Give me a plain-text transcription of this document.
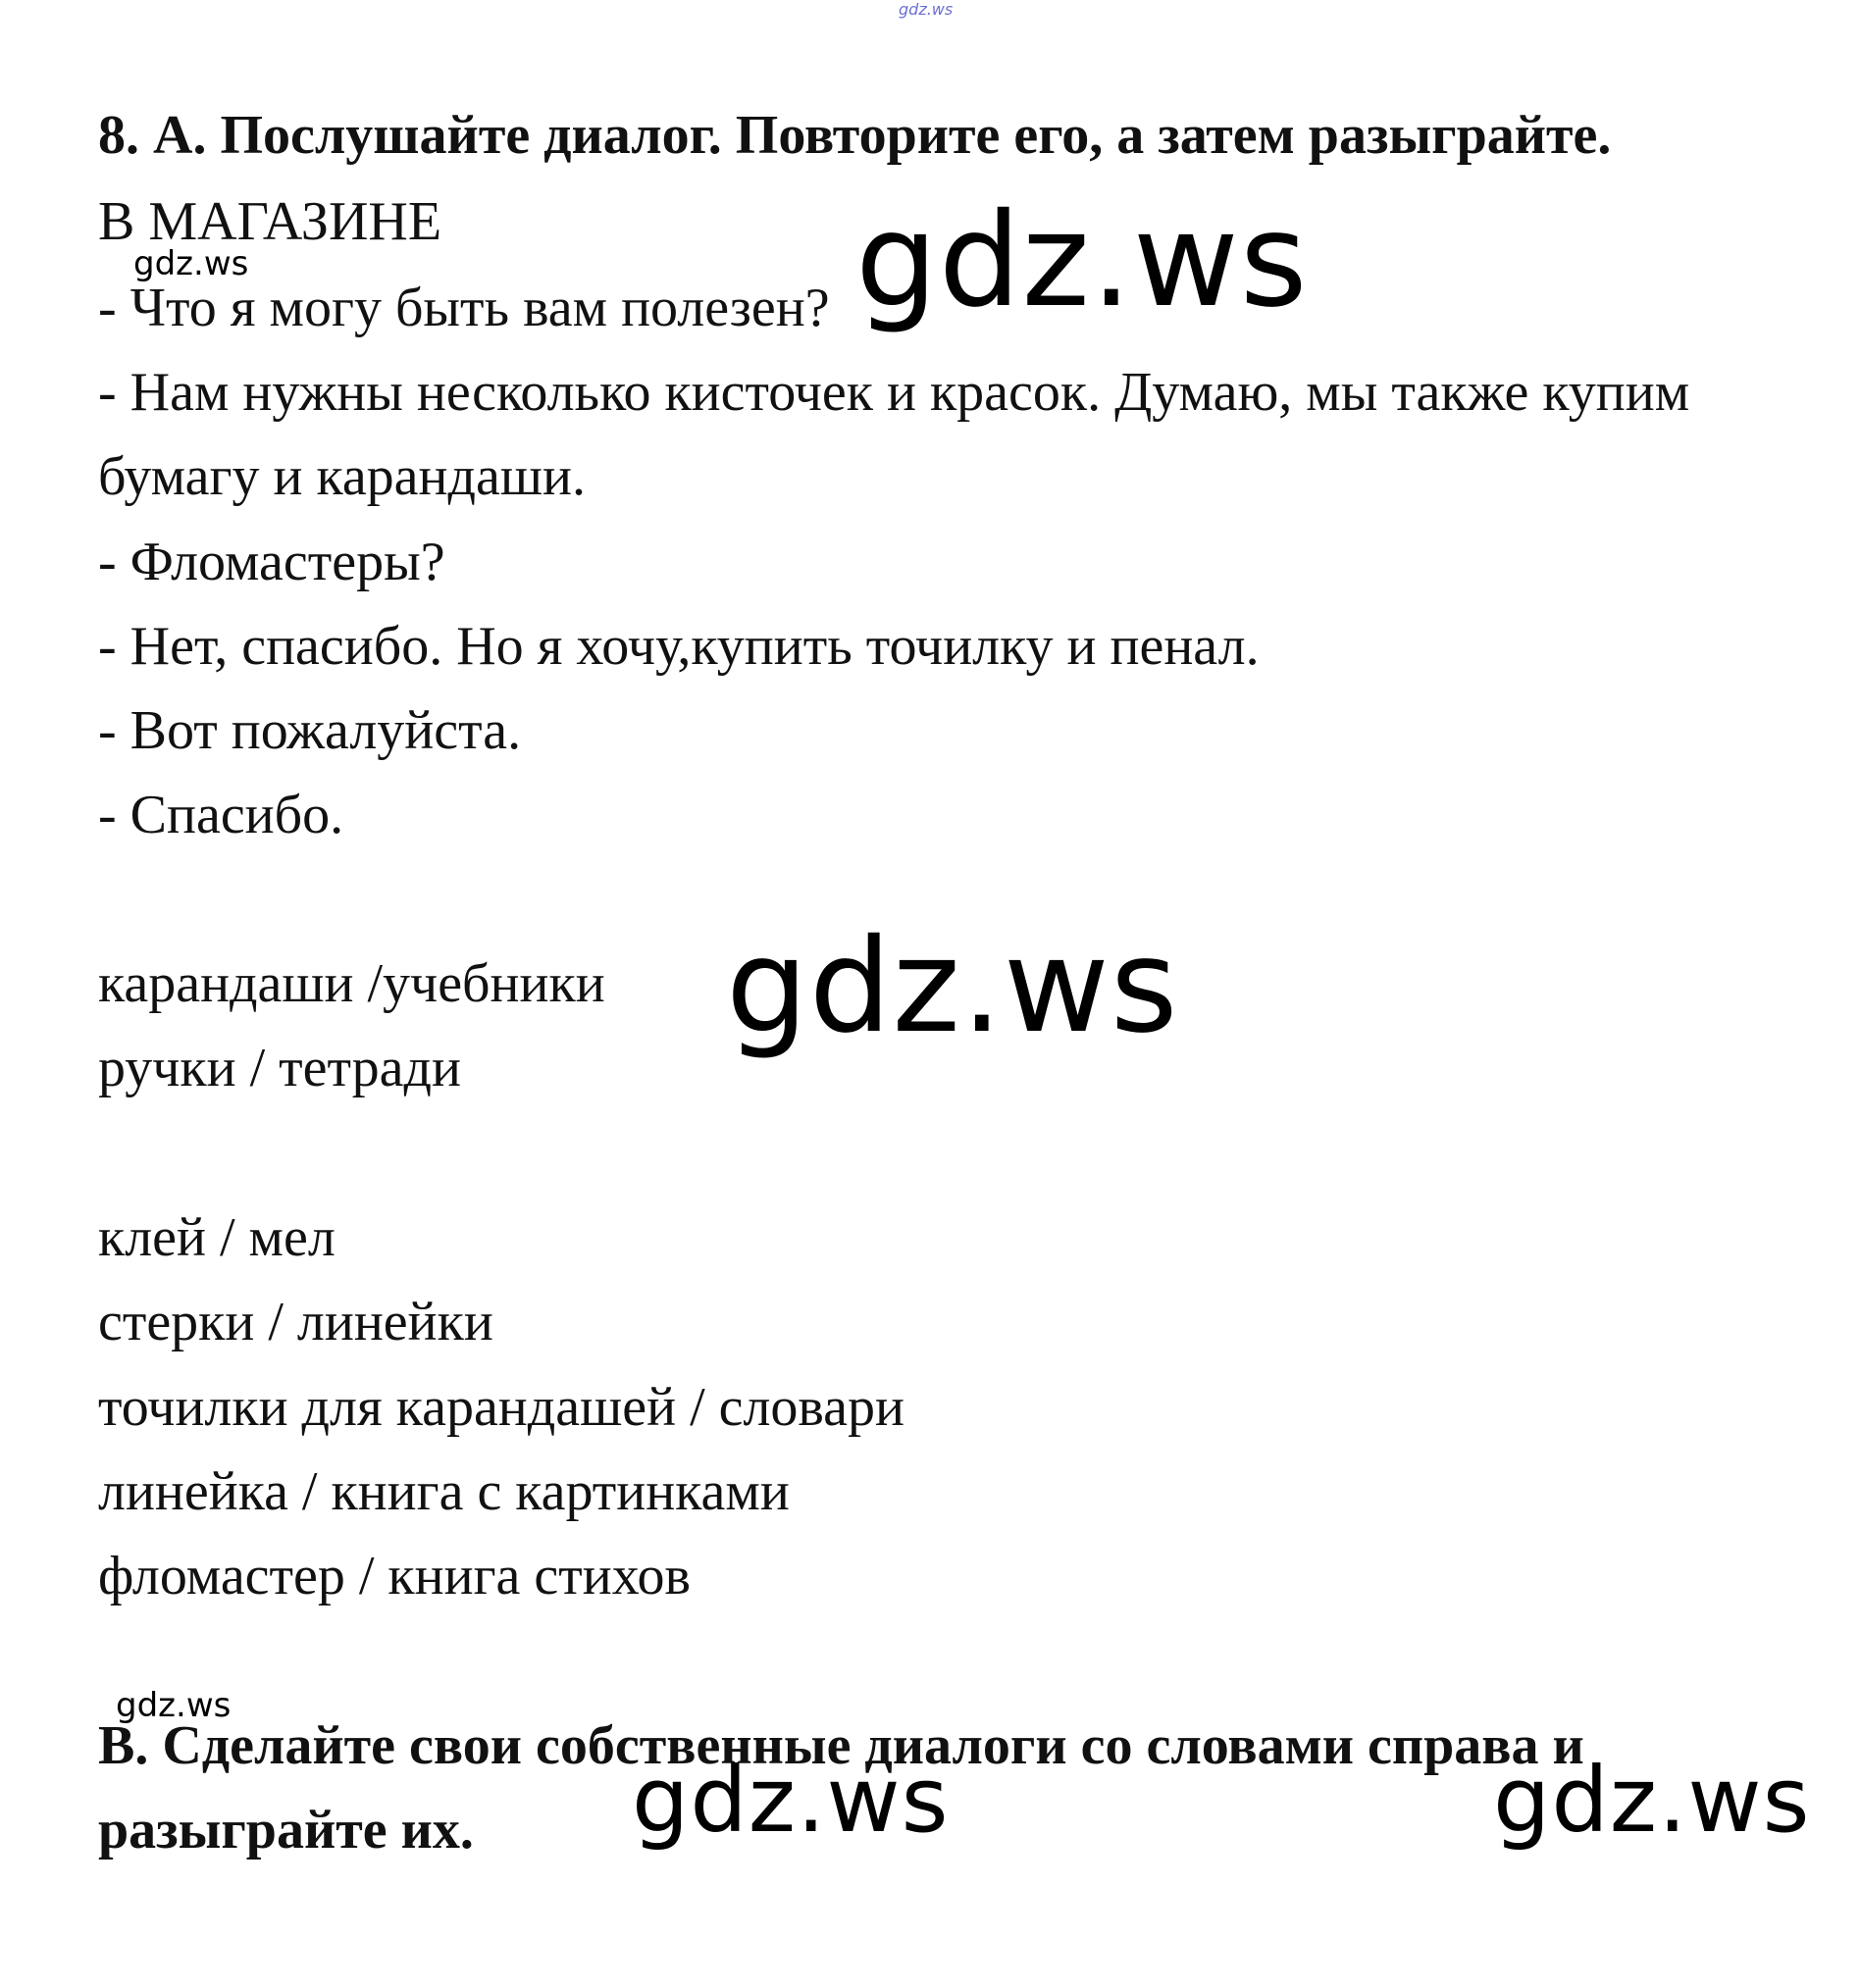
gdz.ws
8. А. Послушайте диалог. Повторите его, а затем разыграйте.
В МАГАЗИНЕ
- Что я могу быть вам полезен?
- Нам нужны несколько кисточек и красок. Думаю, мы также купим
бумагу и карандаши.
- Фломастеры?
- Нет, спасибо. Но я хочу,купить точилку и пенал.
- Вот пожалуйста.
- Спасибо.
карандаши /учебники
ручки / тетради
клей / мел
стерки / линейки
точилки для карандашей / словари
линейка / книга с картинками
фломастер / книга стихов
В. Сделайте свои собственные диалоги со словами справа и
разыграйте их.
gdz.ws	gdz.ws
gdz.ws
gdz.ws
gdz.ws	gdz.ws
